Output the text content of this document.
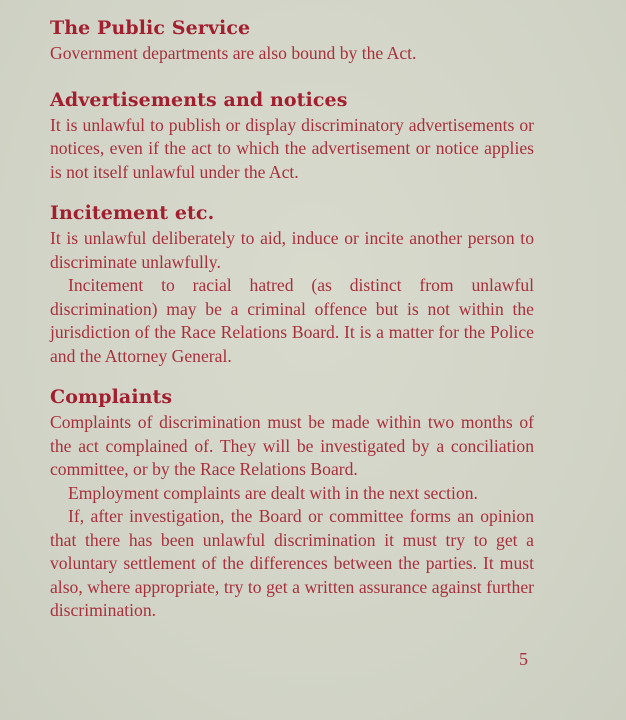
The Public Service

Government departments are also bound by the Act.

Advertisements and notices

It is unlawful to publish or display discriminatory advertisements or notices, even if the act to which the advertisement or notice applies is not itself unlawful under the Act.

Incitement etc.

It is unlawful deliberately to aid, induce or incite another person to discriminate unlawfully.

Incitement to racial hatred (as distinct from unlawful discrimination) may be a criminal offence but is not within the jurisdiction of the Race Relations Board. It is a matter for the Police and the Attorney General.

Complaints

Complaints of discrimination must be made within two months of the act complained of. They will be investigated by a conciliation committee, or by the Race Relations Board.

Employment complaints are dealt with in the next section.

If, after investigation, the Board or committee forms an opinion that there has been unlawful discrimination it must try to get a voluntary settlement of the differences between the parties. It must also, where appropriate, try to get a written assurance against further discrimination.

5
